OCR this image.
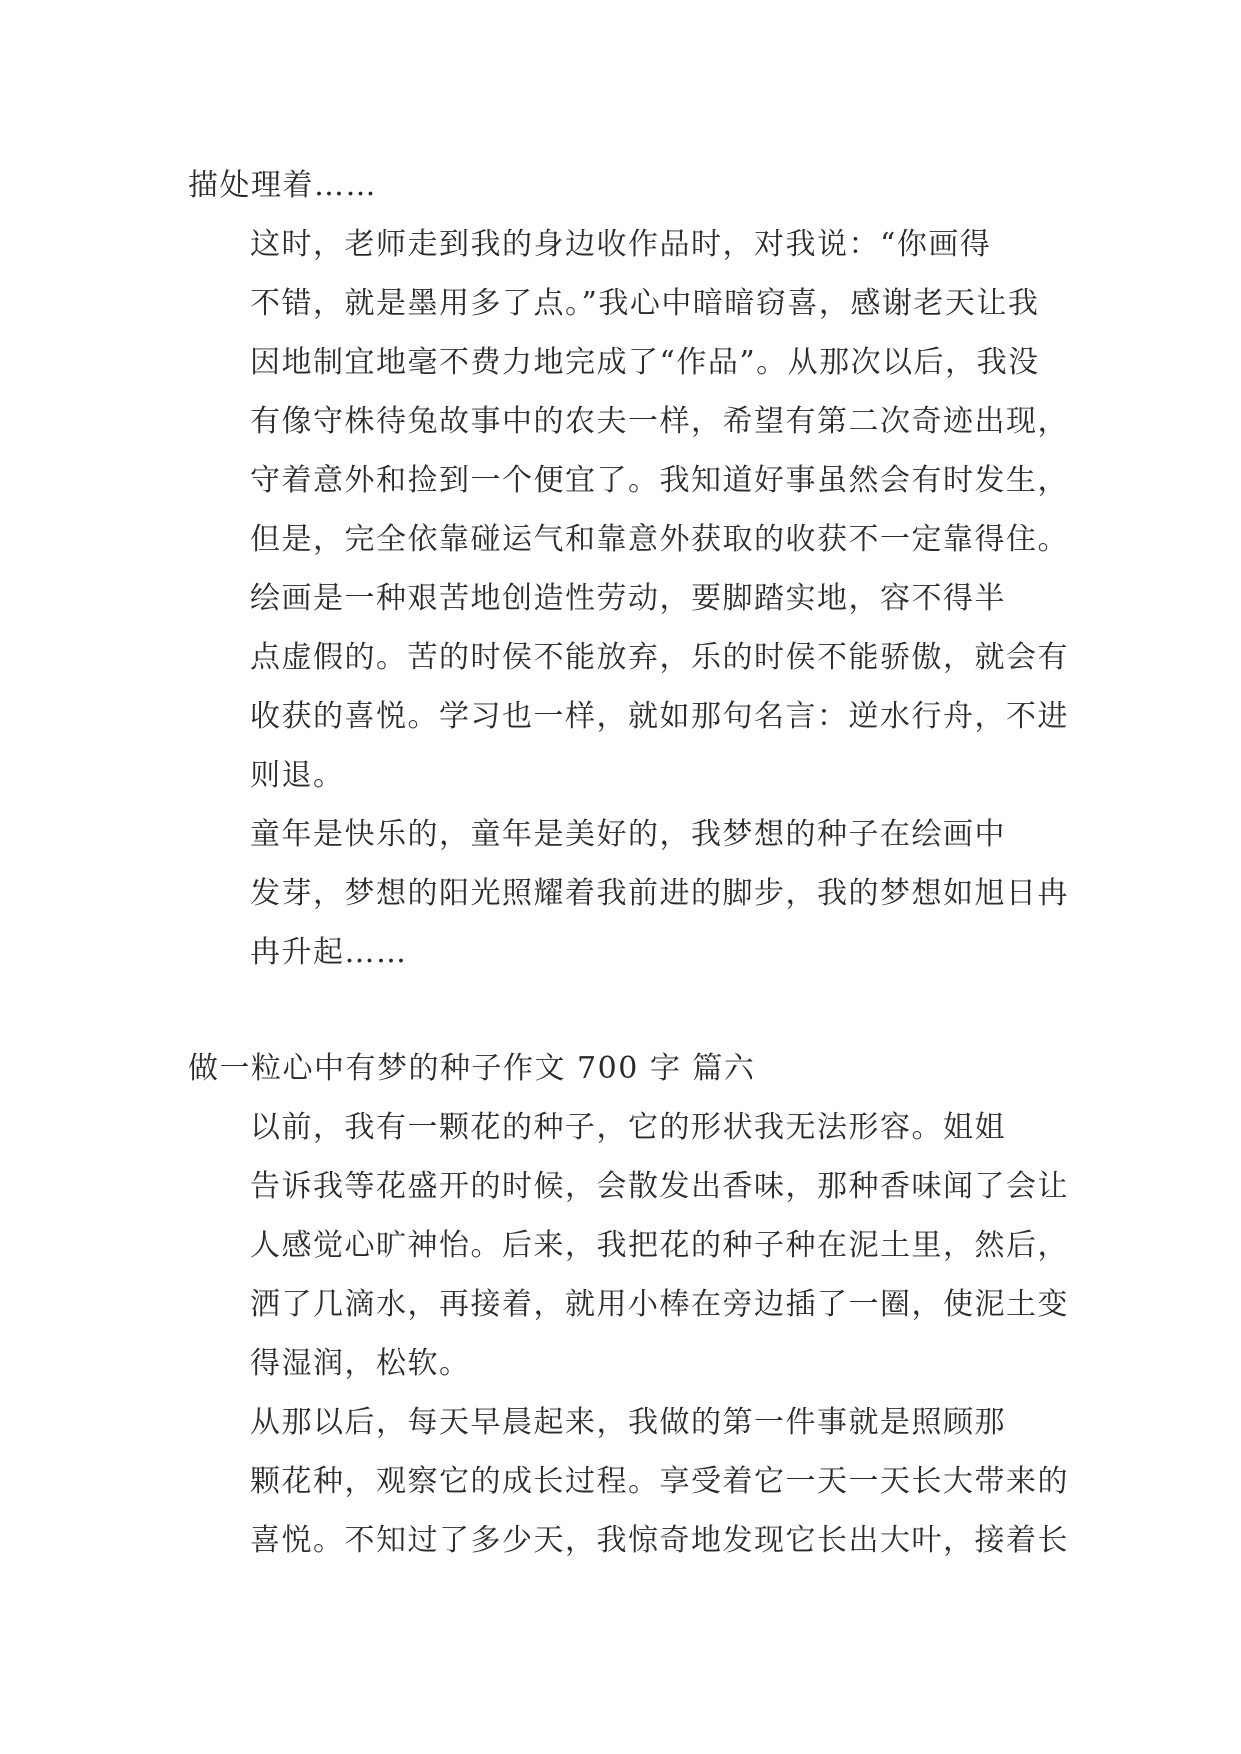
描处理着……

这时，老师走到我的身边收作品时，对我说：“你画得
不错，就是墨用多了点。”我心中暗暗窃喜，感谢老天让我
因地制宜地毫不费力地完成了“作品”。从那次以后，我没
有像守株待兔故事中的农夫一样，希望有第二次奇迹出现，
守着意外和捡到一个便宜了。我知道好事虽然会有时发生，
但是，完全依靠碰运气和靠意外获取的收获不一定靠得住。

绘画是一种艰苦地创造性劳动，要脚踏实地，容不得半
点虚假的。苦的时侯不能放弃，乐的时侯不能骄傲，就会有
收获的喜悦。学习也一样，就如那句名言：逆水行舟，不进
则退。

童年是快乐的，童年是美好的，我梦想的种子在绘画中
发芽，梦想的阳光照耀着我前进的脚步，我的梦想如旭日冉
冉升起……

做一粒心中有梦的种子作文 700 字 篇六

以前，我有一颗花的种子，它的形状我无法形容。姐姐
告诉我等花盛开的时候，会散发出香味，那种香味闻了会让
人感觉心旷神怡。后来，我把花的种子种在泥土里，然后，
洒了几滴水，再接着，就用小棒在旁边插了一圈，使泥土变
得湿润，松软。

从那以后，每天早晨起来，我做的第一件事就是照顾那
颗花种，观察它的成长过程。享受着它一天一天长大带来的
喜悦。不知过了多少天，我惊奇地发现它长出大叶，接着长
